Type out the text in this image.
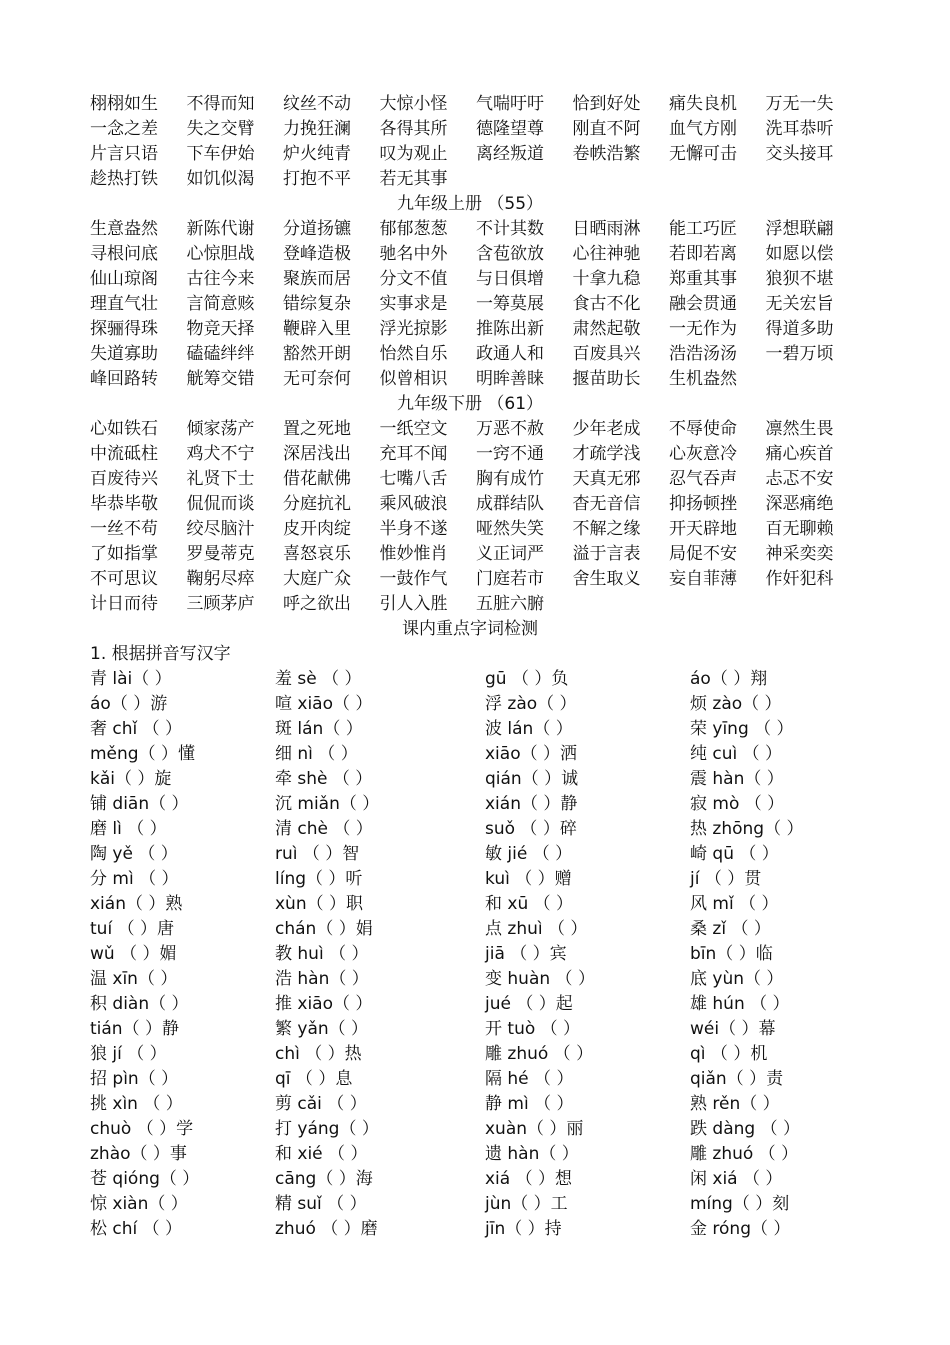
栩栩如生	不得而知	纹丝不动	大惊小怪	气喘吁吁	恰到好处	痛失良机	万无一失
一念之差	失之交臂	力挽狂澜	各得其所	德隆望尊	刚直不阿	血气方刚	洗耳恭听
片言只语	下车伊始	炉火纯青	叹为观止	离经叛道	卷帙浩繁	无懈可击	交头接耳
趁热打铁	如饥似渴	打抱不平	若无其事
九年级上册 （55）
生意盎然	新陈代谢	分道扬镳	郁郁葱葱	不计其数	日晒雨淋	能工巧匠	浮想联翩
寻根问底	心惊胆战	登峰造极	驰名中外	含苞欲放	心往神驰	若即若离	如愿以偿
仙山琼阁	古往今来	聚族而居	分文不值	与日俱增	十拿九稳	郑重其事	狼狈不堪
理直气壮	言简意赅	错综复杂	实事求是	一筹莫展	食古不化	融会贯通	无关宏旨
探骊得珠	物竞天择	鞭辟入里	浮光掠影	推陈出新	肃然起敬	一无作为	得道多助
失道寡助	磕磕绊绊	豁然开朗	怡然自乐	政通人和	百废具兴	浩浩汤汤	一碧万顷
峰回路转	觥筹交错	无可奈何	似曾相识	明眸善睐	揠苗助长	生机盎然
九年级下册 （61）
心如铁石	倾家荡产	置之死地	一纸空文	万恶不赦	少年老成	不辱使命	凛然生畏
中流砥柱	鸡犬不宁	深居浅出	充耳不闻	一窍不通	才疏学浅	心灰意冷	痛心疾首
百废待兴	礼贤下士	借花献佛	七嘴八舌	胸有成竹	天真无邪	忍气吞声	忐忑不安
毕恭毕敬	侃侃而谈	分庭抗礼	乘风破浪	成群结队	杳无音信	抑扬顿挫	深恶痛绝
一丝不苟	绞尽脑汁	皮开肉绽	半身不遂	哑然失笑	不解之缘	开天辟地	百无聊赖
了如指掌	罗曼蒂克	喜怒哀乐	惟妙惟肖	义正词严	溢于言表	局促不安	神采奕奕
不可思议	鞠躬尽瘁	大庭广众	一鼓作气	门庭若市	舍生取义	妄自菲薄	作奸犯科
计日而待	三顾茅庐	呼之欲出	引人入胜	五脏六腑
课内重点字词检测
1. 根据拼音写汉字
青 lài（ ）	羞 sè （ ）	gū （ ）负	áo（ ）翔
áo（ ）游	喧 xiāo（ ）	浮 zào（ ）	烦 zào（ ）
奢 chǐ （ ）	斑 lán（ ）	波 lán（ ）	荣 yīng （ ）
měng（ ）懂	细 nì （ ）	xiāo（ ）洒	纯 cuì （ ）
kǎi（ ）旋	牵 shè （ ）	qián（ ）诚	震 hàn（ ）
铺 diān（ ）	沉 miǎn（ ）	xián（ ）静	寂 mò （ ）
磨 lì （ ）	清 chè （ ）	suǒ （ ）碎	热 zhōng（ ）
陶 yě （ ）	ruì （ ）智	敏 jié （ ）	崎 qū （ ）
分 mì （ ）	líng（ ）听	kuì （ ）赠	jí （ ）贯
xián（ ）熟	xùn（ ）职	和 xū （ ）	风 mǐ （ ）
tuí （ ）唐	chán（ ）娟	点 zhuì （ ）	桑 zǐ （ ）
wǔ （ ）媚	教 huì （ ）	jiā （ ）宾	bīn（ ）临
温 xīn（ ）	浩 hàn（ ）	变 huàn （ ）	底 yùn（ ）
积 diàn（ ）	推 xiāo（ ）	jué （ ）起	雄 hún （ ）
tián（ ）静	繁 yǎn（ ）	开 tuò （ ）	wéi（ ）幕
狼 jí （ ）	chì （ ）热	雕 zhuó （ ）	qì （ ）机
招 pìn（ ）	qī （ ）息	隔 hé （ ）	qiǎn（ ）责
挑 xìn （ ）	剪 cǎi （ ）	静 mì （ ）	熟 rěn（ ）
chuò （ ）学	打 yáng（ ）	xuàn（ ）丽	跌 dàng （ ）
zhào（ ）事	和 xié （ ）	遗 hàn（ ）	雕 zhuó （ ）
苍 qióng（ ）	cāng（ ）海	xiá （ ）想	闲 xiá （ ）
惊 xiàn（ ）	精 suǐ （ ）	jùn（ ）工	míng（ ）刻
松 chí （ ）	zhuó （ ）磨	jīn（ ）持	金 róng（ ）
